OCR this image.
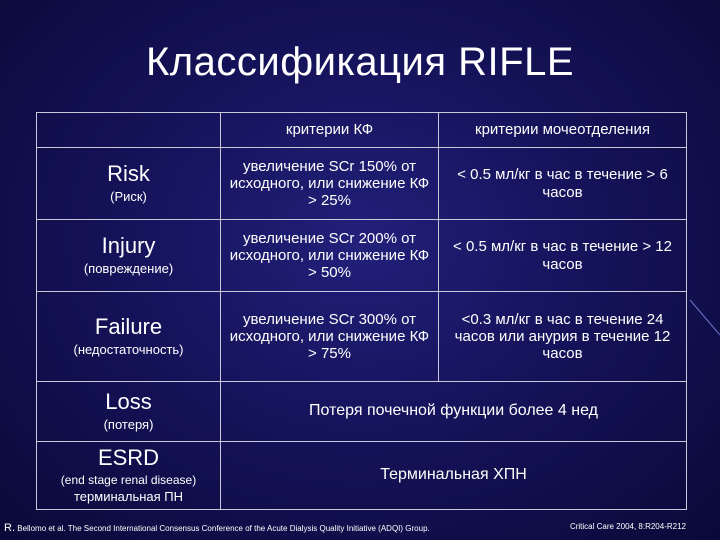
Классификация RIFLE
	критерии КФ	критерии мочеотделения

Risk
(Риск)	увеличение SCr 150% от исходного, или снижение КФ > 25%	< 0.5 мл/кг в час в течение > 6 часов

Injury
(повреждение)	увеличение SCr 200% от исходного, или снижение КФ > 50%	< 0.5 мл/кг в час в течение > 12 часов

Failure
(недостаточность)	увеличение SCr 300% от исходного, или снижение КФ > 75%	<0.3 мл/кг в час в течение 24 часов или анурия в течение 12 часов

Loss
(потеря)	Потеря почечной функции более 4 нед	

ESRD
(end stage renal disease)
терминальная ПН	Терминальная ХПН	
R. Bellomo et al. The Second International Consensus Conference of the Acute Dialysis Quality Initiative (ADQI) Group.	Critical Care 2004, 8:R204-R212
